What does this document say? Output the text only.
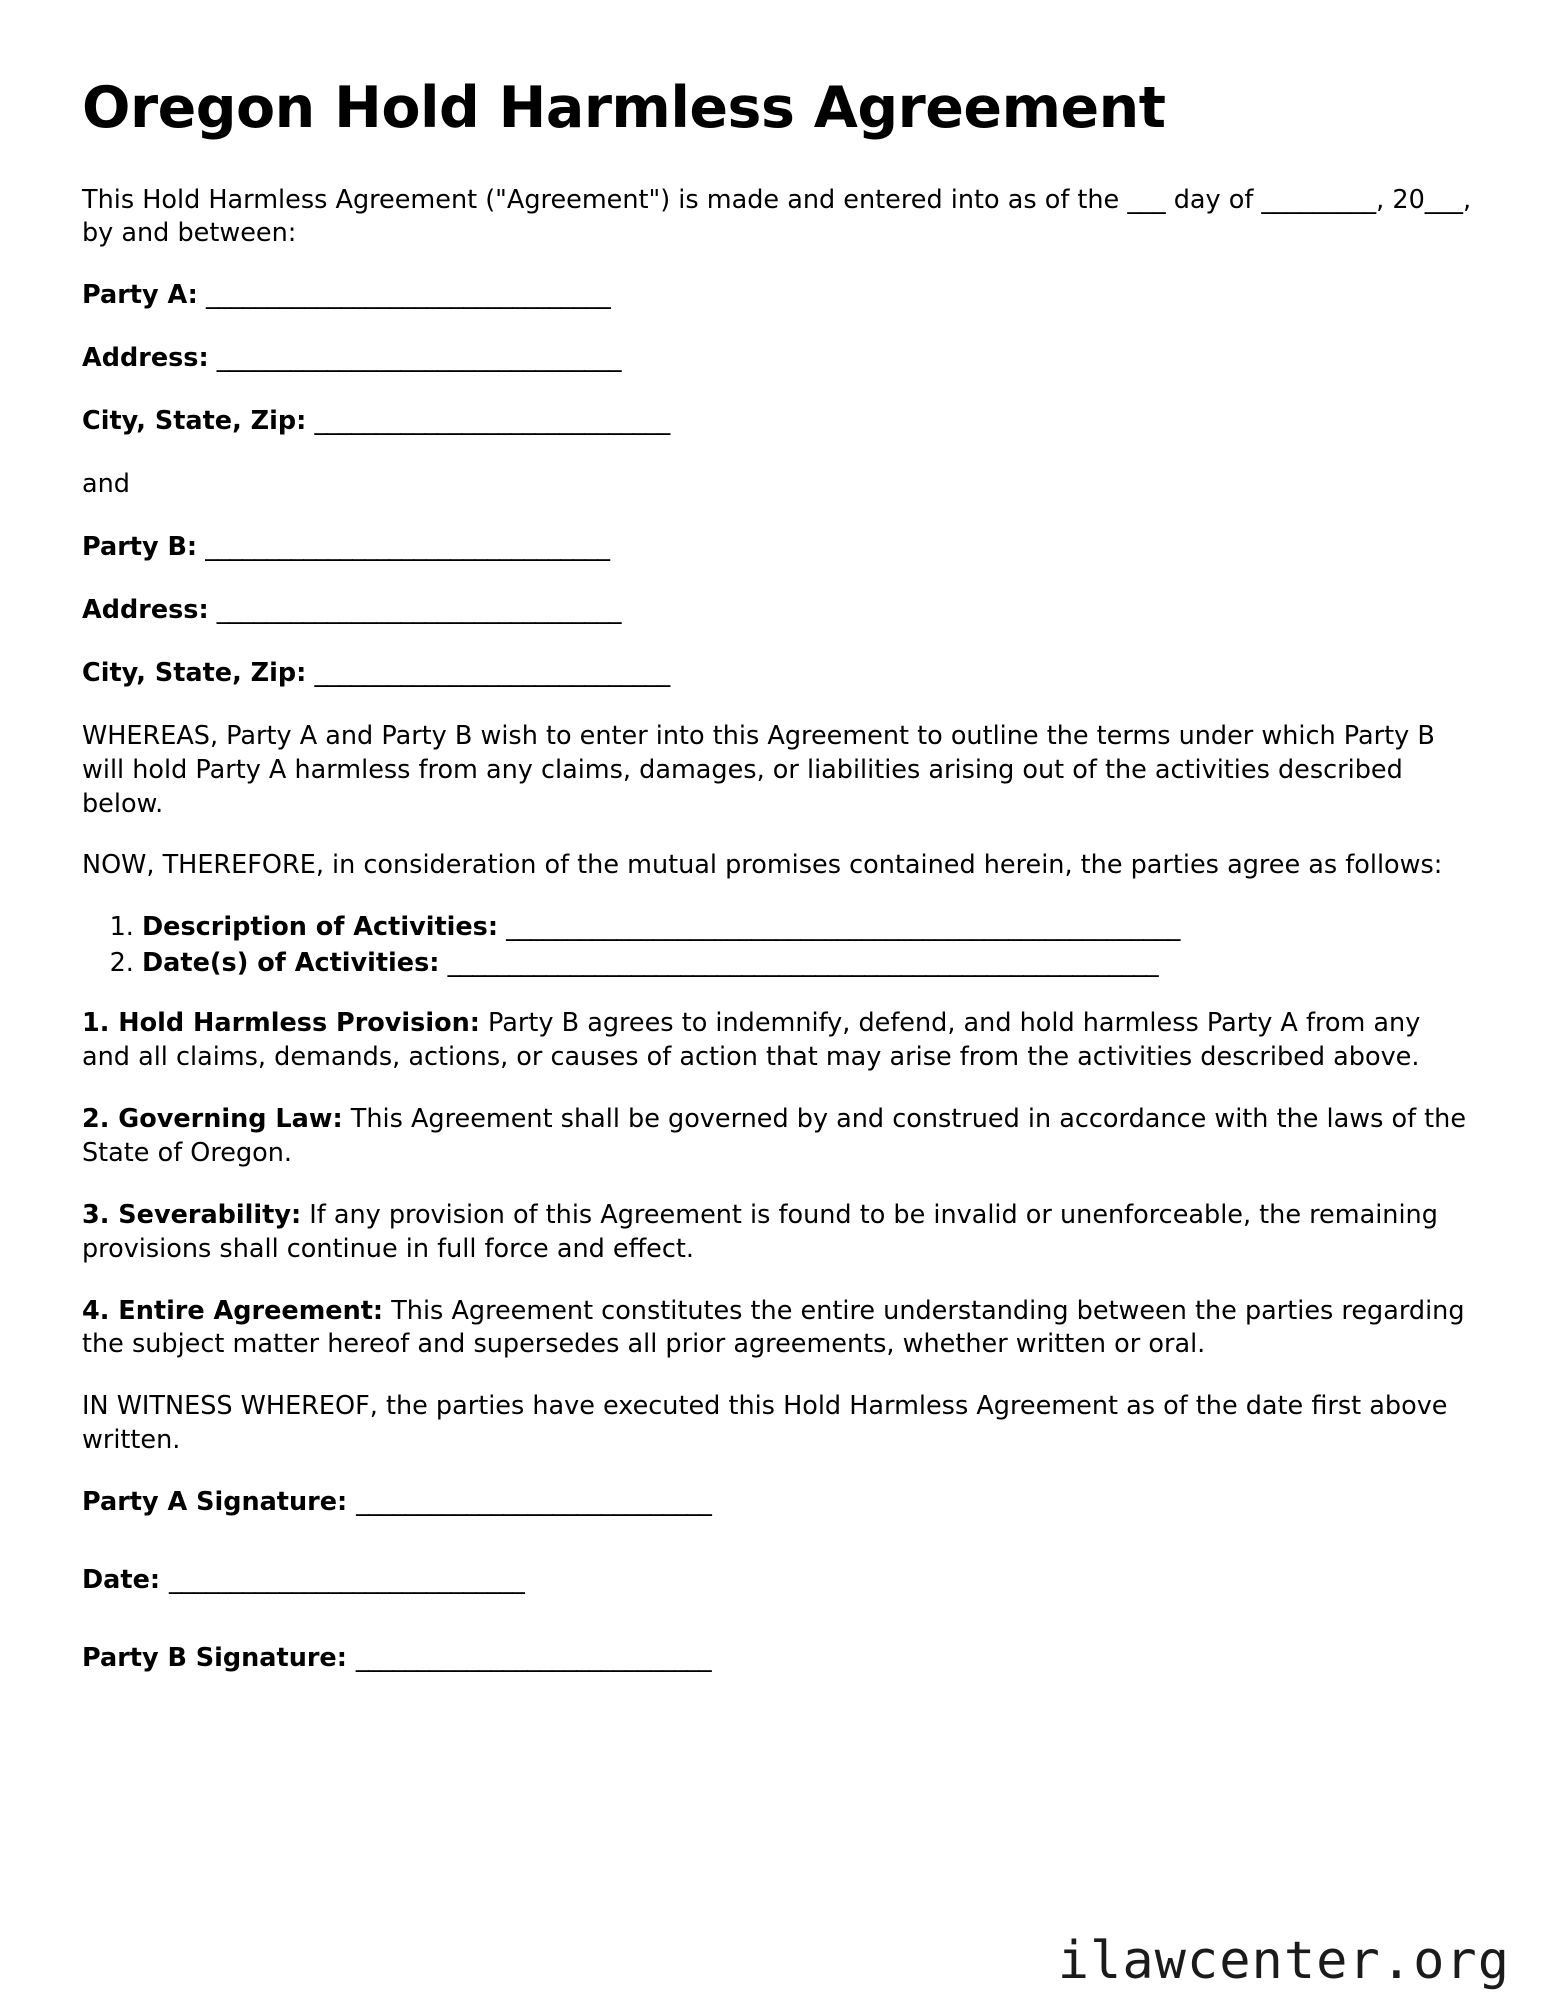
Oregon Hold Harmless Agreement

This Hold Harmless Agreement ("Agreement") is made and entered into as of the ___ day of _________, 20___, by and between:

Party A: _________________________________
Address: _________________________________
City, State, Zip: _____________________________
and
Party B: _________________________________
Address: _________________________________
City, State, Zip: _____________________________

WHEREAS, Party A and Party B wish to enter into this Agreement to outline the terms under which Party B will hold Party A harmless from any claims, damages, or liabilities arising out of the activities described below.

NOW, THEREFORE, in consideration of the mutual promises contained herein, the parties agree as follows:

1. Description of Activities: _______________________________________________________
2. Date(s) of Activities: __________________________________________________________

1. Hold Harmless Provision: Party B agrees to indemnify, defend, and hold harmless Party A from any and all claims, demands, actions, or causes of action that may arise from the activities described above.

2. Governing Law: This Agreement shall be governed by and construed in accordance with the laws of the State of Oregon.

3. Severability: If any provision of this Agreement is found to be invalid or unenforceable, the remaining provisions shall continue in full force and effect.

4. Entire Agreement: This Agreement constitutes the entire understanding between the parties regarding the subject matter hereof and supersedes all prior agreements, whether written or oral.

IN WITNESS WHEREOF, the parties have executed this Hold Harmless Agreement as of the date first above written.

Party A Signature: _____________________________
Date: _____________________________
Party B Signature: _____________________________
ilawcenter.org
